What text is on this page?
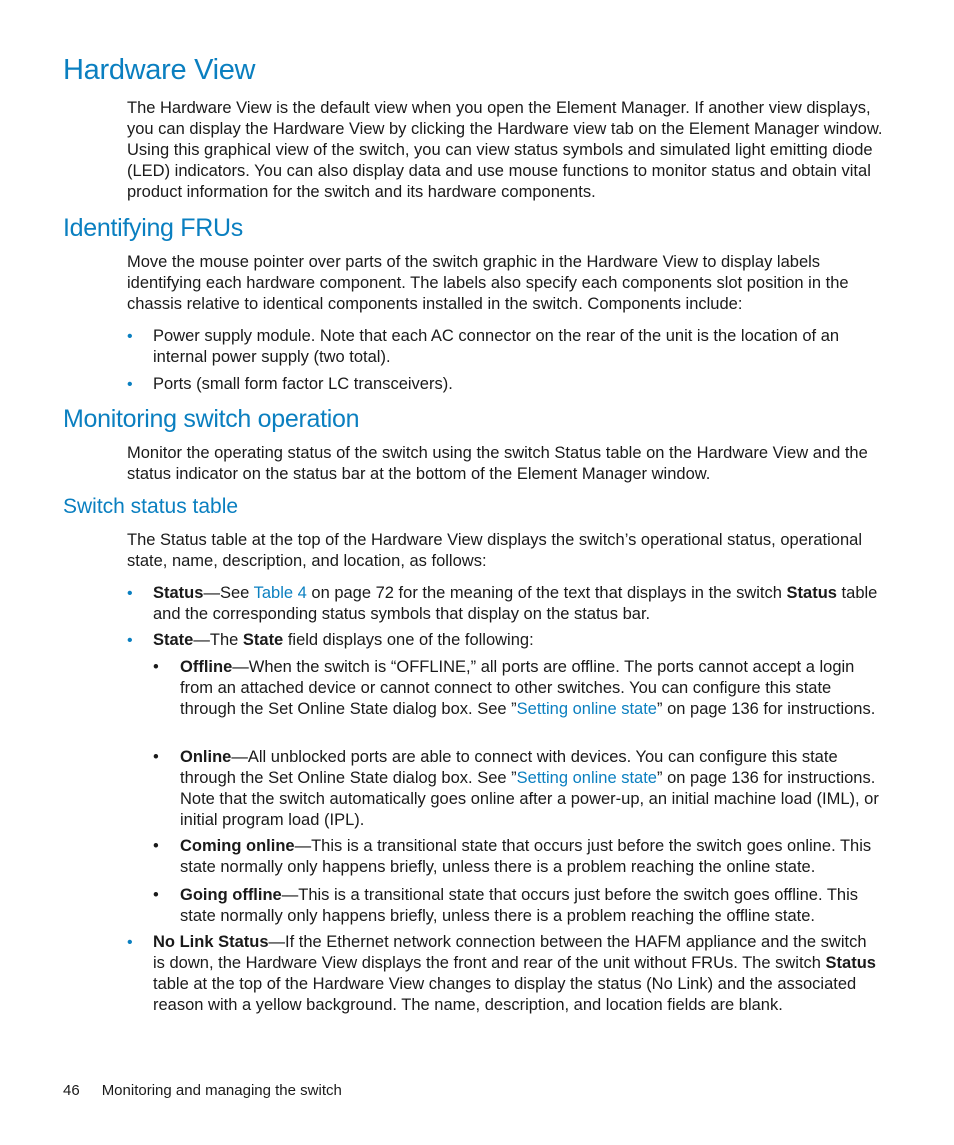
Hardware View

The Hardware View is the default view when you open the Element Manager. If another view displays, you can display the Hardware View by clicking the Hardware view tab on the Element Manager window. Using this graphical view of the switch, you can view status symbols and simulated light emitting diode (LED) indicators. You can also display data and use mouse functions to monitor status and obtain vital product information for the switch and its hardware components.

Identifying FRUs

Move the mouse pointer over parts of the switch graphic in the Hardware View to display labels identifying each hardware component. The labels also specify each components slot position in the chassis relative to identical components installed in the switch. Components include:

• Power supply module. Note that each AC connector on the rear of the unit is the location of an internal power supply (two total).
• Ports (small form factor LC transceivers).
Monitoring switch operation

Monitor the operating status of the switch using the switch Status table on the Hardware View and the status indicator on the status bar at the bottom of the Element Manager window.

Switch status table

The Status table at the top of the Hardware View displays the switch’s operational status, operational state, name, description, and location, as follows:

• Status—See Table 4 on page 72 for the meaning of the text that displays in the switch Status table and the corresponding status symbols that display on the status bar.
• State—The State field displays one of the following:
• Offline—When the switch is “OFFLINE,” all ports are offline. The ports cannot accept a login from an attached device or cannot connect to other switches. You can configure this state through the Set Online State dialog box. See ”Setting online state” on page 136 for instructions.
• Online—All unblocked ports are able to connect with devices. You can configure this state through the Set Online State dialog box. See ”Setting online state” on page 136 for instructions. Note that the switch automatically goes online after a power-up, an initial machine load (IML), or initial program load (IPL).
• Coming online—This is a transitional state that occurs just before the switch goes online. This state normally only happens briefly, unless there is a problem reaching the online state.
• Going offline—This is a transitional state that occurs just before the switch goes offline. This state normally only happens briefly, unless there is a problem reaching the offline state.
• No Link Status—If the Ethernet network connection between the HAFM appliance and the switch is down, the Hardware View displays the front and rear of the unit without FRUs. The switch Status table at the top of the Hardware View changes to display the status (No Link) and the associated reason with a yellow background. The name, description, and location fields are blank.
46 Monitoring and managing the switch
